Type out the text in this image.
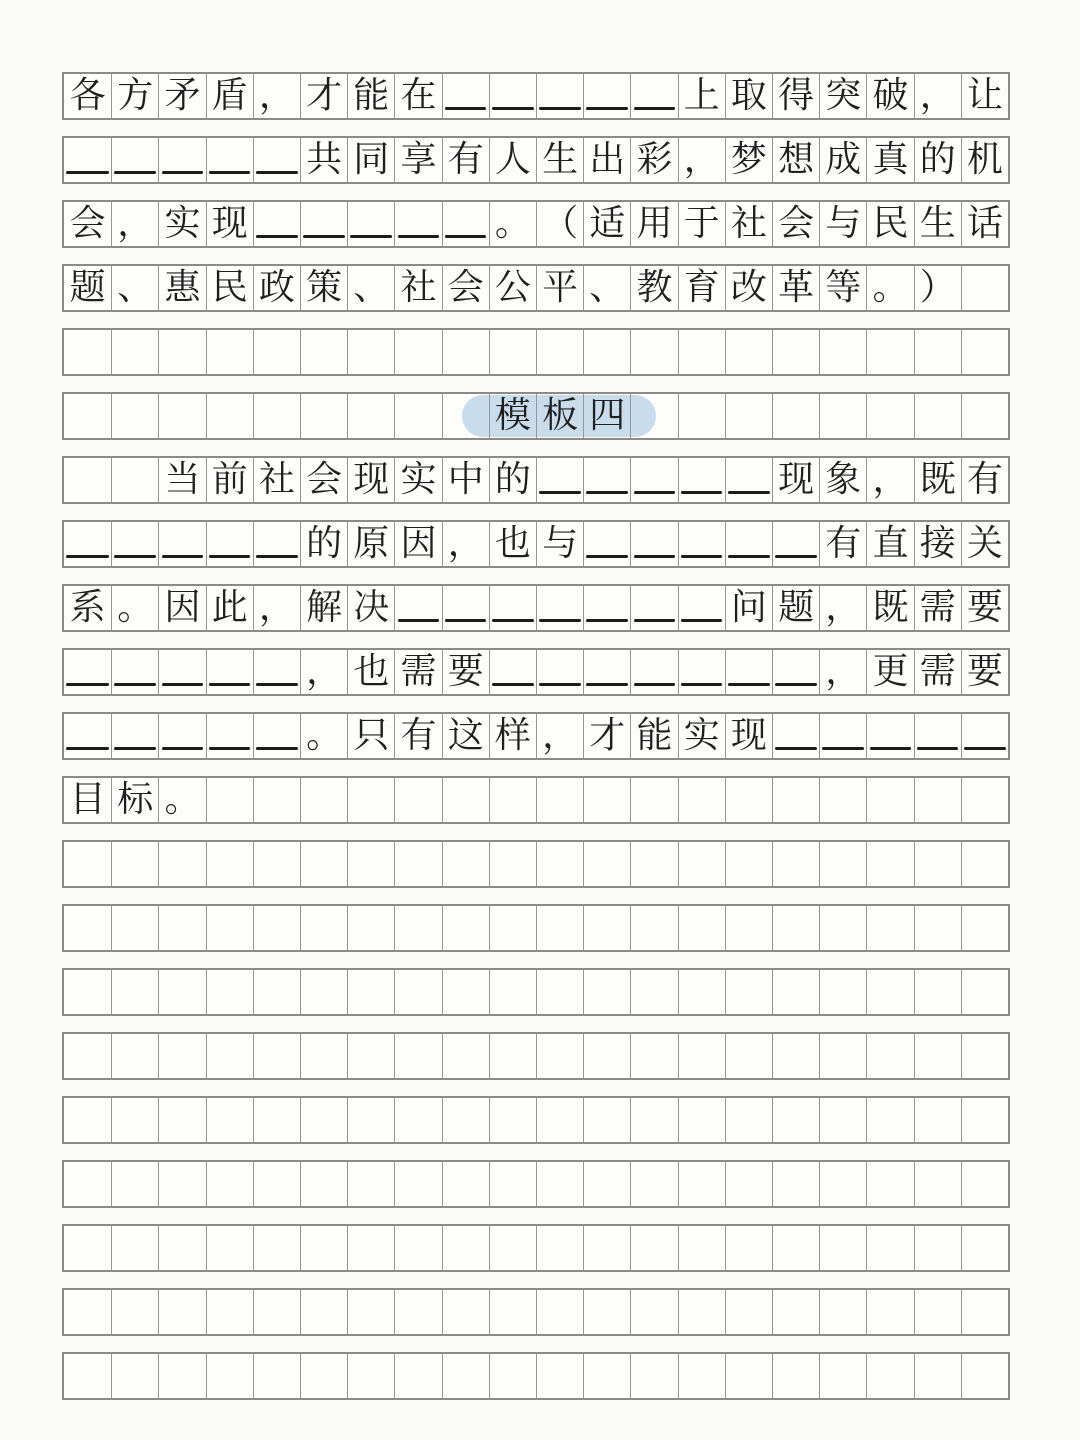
各 方 矛 盾 ， 才 能 在	上 取 得 突 破 ， 让
共 同 享 有 人 生 出 彩 ， 梦 想 成 真 的 机
会 ， 实 现	。 （ 适 用 于 社 会 与 民 生 话
题 、 惠 民 政 策 、 社 会 公 平 、 教 育 改 革 等 。 ）
模 板 四
当 前 社 会 现 实 中 的	现 象 ， 既 有
的 原 因 ， 也 与	有 直 接 关
系 。 因 此 ， 解 决	问 题 ， 既 需 要
， 也 需 要	， 更 需 要
。 只 有 这 样 ， 才 能 实 现
目 标 。
